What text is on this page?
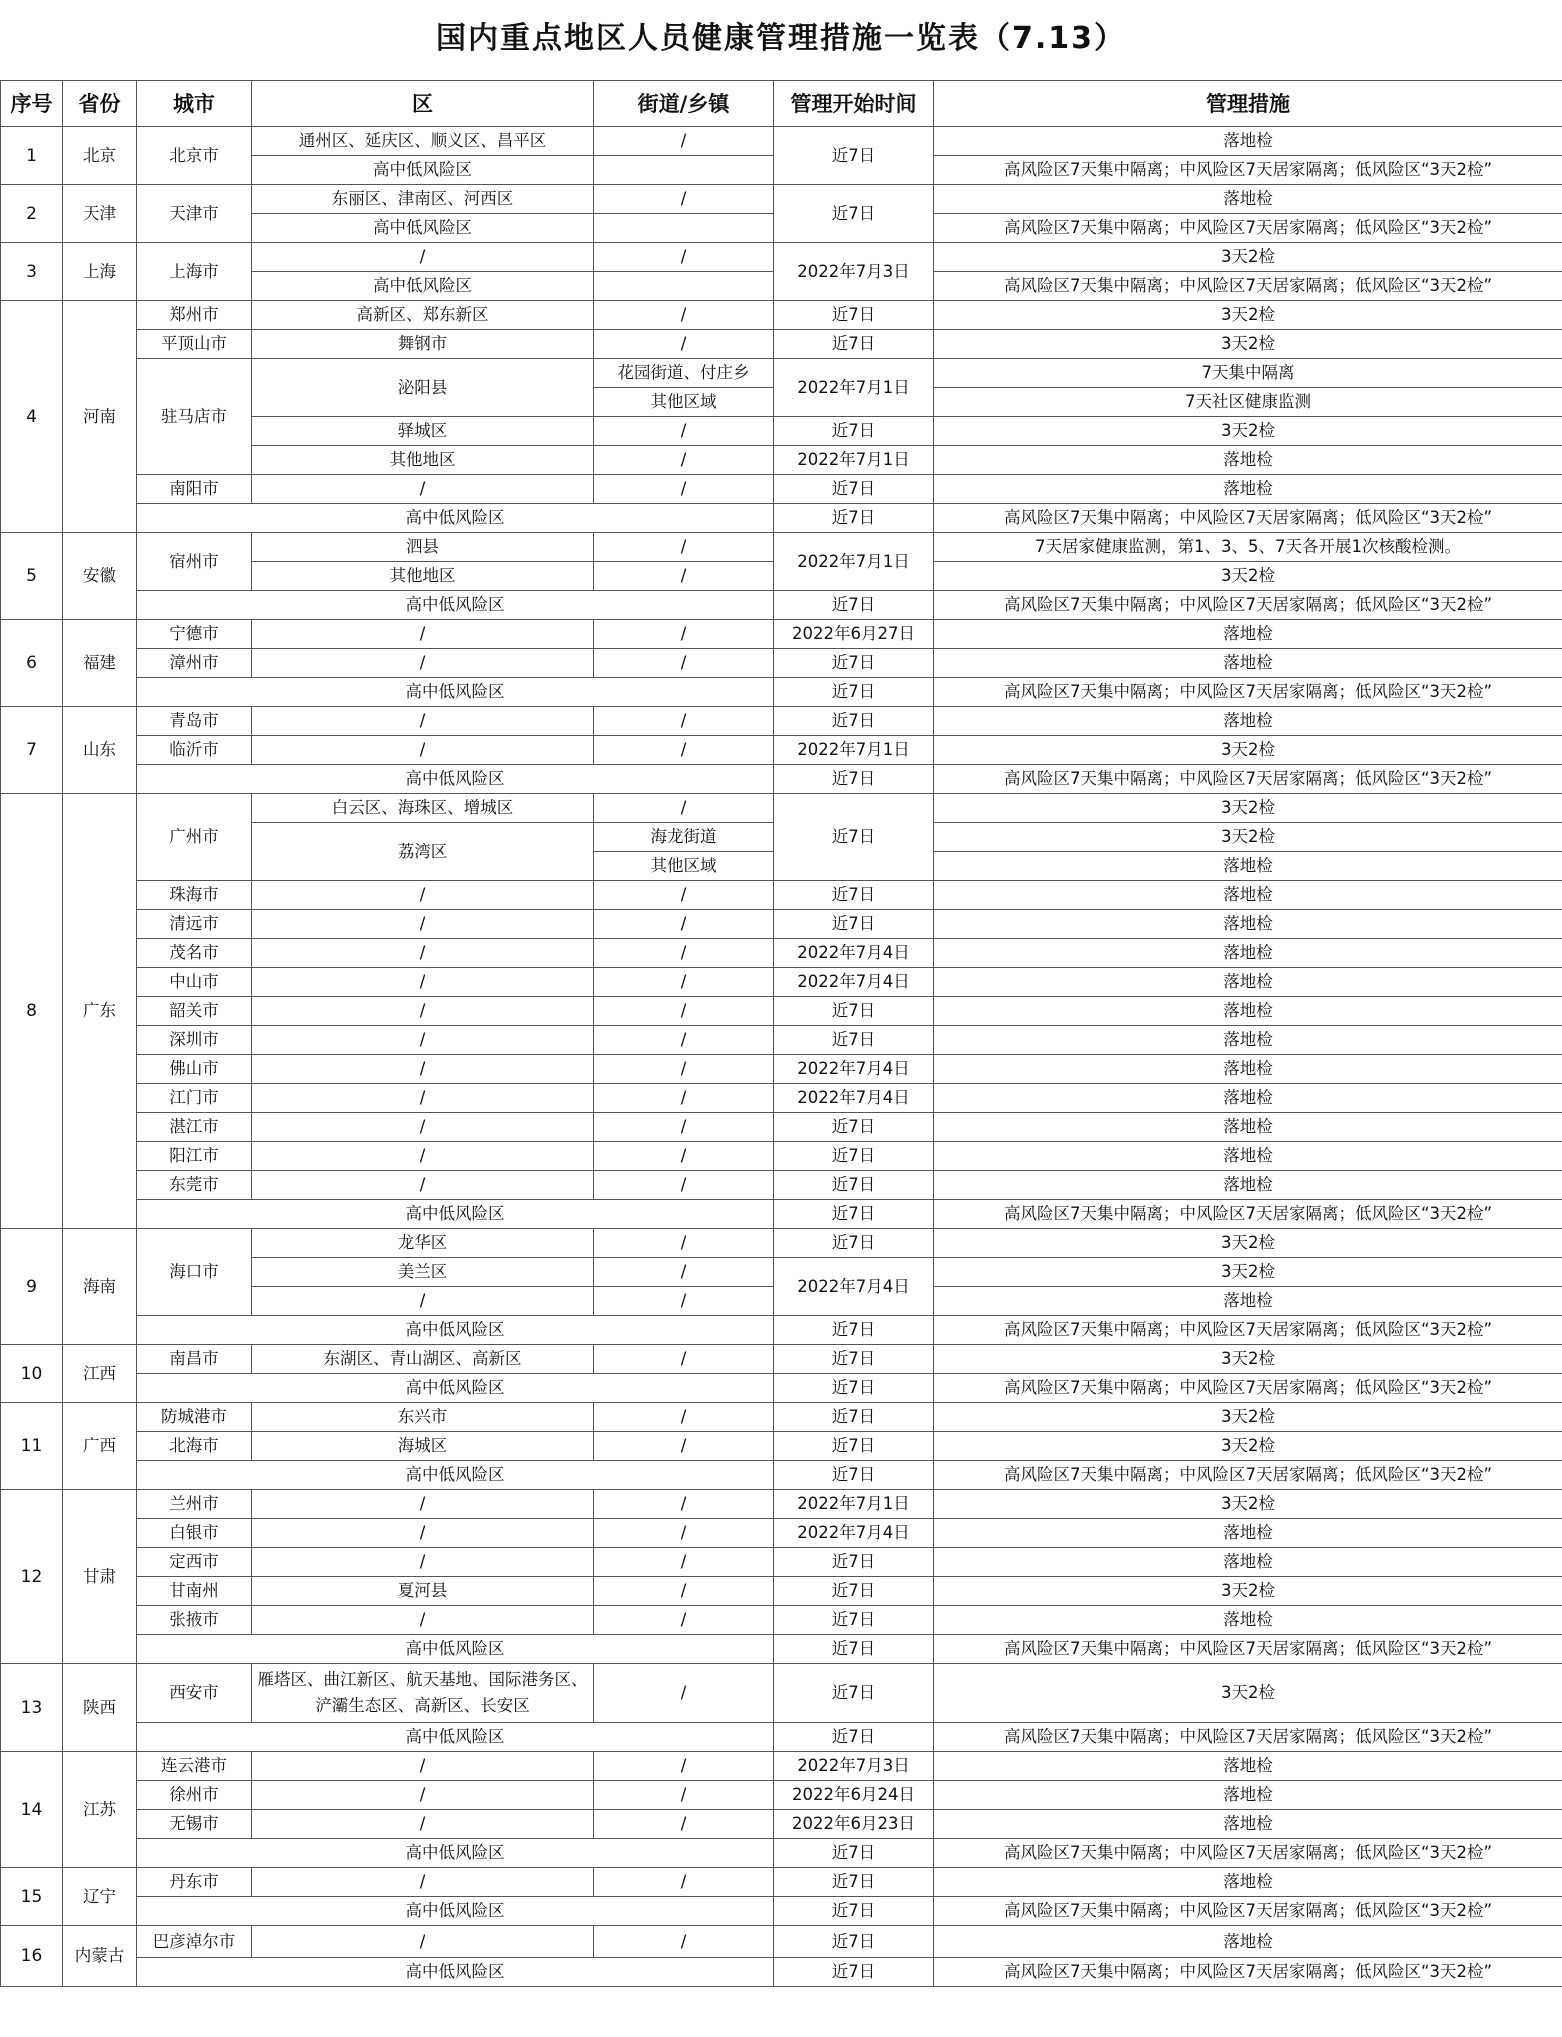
国内重点地区人员健康管理措施一览表（7.13）
序号	省份	城市	区	街道/乡镇	管理开始时间	管理措施
1	北京	北京市	通州区、延庆区、顺义区、昌平区	/	近7日	落地检
			高中低风险区			高风险区7天集中隔离；中风险区7天居家隔离；低风险区“3天2检”
2	天津	天津市	东丽区、津南区、河西区	/	近7日	落地检
			高中低风险区			高风险区7天集中隔离；中风险区7天居家隔离；低风险区“3天2检”
3	上海	上海市	/	/	2022年7月3日	3天2检
			高中低风险区			高风险区7天集中隔离；中风险区7天居家隔离；低风险区“3天2检”
4	河南	郑州市	高新区、郑东新区	/	近7日	3天2检
		平顶山市	舞钢市	/	近7日	3天2检
		驻马店市	泌阳县	花园街道、付庄乡	2022年7月1日	7天集中隔离
				其他区域		7天社区健康监测
			驿城区	/	近7日	3天2检
			其他地区	/	2022年7月1日	落地检
		南阳市	/	/	近7日	落地检
		高中低风险区			近7日	高风险区7天集中隔离；中风险区7天居家隔离；低风险区“3天2检”
5	安徽	宿州市	泗县	/	2022年7月1日	7天居家健康监测，第1、3、5、7天各开展1次核酸检测。
			其他地区	/		3天2检
		高中低风险区			近7日	高风险区7天集中隔离；中风险区7天居家隔离；低风险区“3天2检”
6	福建	宁德市	/	/	2022年6月27日	落地检
		漳州市	/	/	近7日	落地检
		高中低风险区			近7日	高风险区7天集中隔离；中风险区7天居家隔离；低风险区“3天2检”
7	山东	青岛市	/	/	近7日	落地检
		临沂市	/	/	2022年7月1日	3天2检
		高中低风险区			近7日	高风险区7天集中隔离；中风险区7天居家隔离；低风险区“3天2检”
8	广东	广州市	白云区、海珠区、增城区	/	近7日	3天2检
			荔湾区	海龙街道		3天2检
				其他区域		落地检
		珠海市	/	/	近7日	落地检
		清远市	/	/	近7日	落地检
		茂名市	/	/	2022年7月4日	落地检
		中山市	/	/	2022年7月4日	落地检
		韶关市	/	/	近7日	落地检
		深圳市	/	/	近7日	落地检
		佛山市	/	/	2022年7月4日	落地检
		江门市	/	/	2022年7月4日	落地检
		湛江市	/	/	近7日	落地检
		阳江市	/	/	近7日	落地检
		东莞市	/	/	近7日	落地检
		高中低风险区			近7日	高风险区7天集中隔离；中风险区7天居家隔离；低风险区“3天2检”
9	海南	海口市	龙华区	/	近7日	3天2检
			美兰区	/	2022年7月4日	3天2检
			/	/		落地检
		高中低风险区			近7日	高风险区7天集中隔离；中风险区7天居家隔离；低风险区“3天2检”
10	江西	南昌市	东湖区、青山湖区、高新区	/	近7日	3天2检
		高中低风险区			近7日	高风险区7天集中隔离；中风险区7天居家隔离；低风险区“3天2检”
11	广西	防城港市	东兴市	/	近7日	3天2检
		北海市	海城区	/	近7日	3天2检
		高中低风险区			近7日	高风险区7天集中隔离；中风险区7天居家隔离；低风险区“3天2检”
12	甘肃	兰州市	/	/	2022年7月1日	3天2检
		白银市	/	/	2022年7月4日	落地检
		定西市	/	/	近7日	落地检
		甘南州	夏河县	/	近7日	3天2检
		张掖市	/	/	近7日	落地检
		高中低风险区			近7日	高风险区7天集中隔离；中风险区7天居家隔离；低风险区“3天2检”
13	陕西	西安市	雁塔区、曲江新区、航天基地、国际港务区、浐灞生态区、高新区、长安区	/	近7日	3天2检
		高中低风险区			近7日	高风险区7天集中隔离；中风险区7天居家隔离；低风险区“3天2检”
14	江苏	连云港市	/	/	2022年7月3日	落地检
		徐州市	/	/	2022年6月24日	落地检
		无锡市	/	/	2022年6月23日	落地检
		高中低风险区			近7日	高风险区7天集中隔离；中风险区7天居家隔离；低风险区“3天2检”
15	辽宁	丹东市	/	/	近7日	落地检
		高中低风险区			近7日	高风险区7天集中隔离；中风险区7天居家隔离；低风险区“3天2检”
16	内蒙古	巴彦淖尔市	/	/	近7日	落地检
		高中低风险区			近7日	高风险区7天集中隔离；中风险区7天居家隔离；低风险区“3天2检”
